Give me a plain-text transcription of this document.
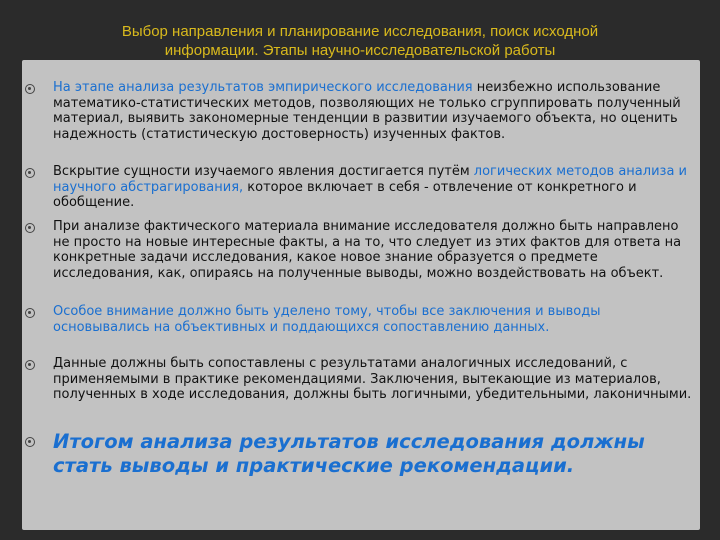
Выбор направления и планирование исследования, поиск исходной
информации. Этапы научно-исследовательской работы
На этапе анализа результатов эмпирического исследования неизбежно использование математико-статистических методов, позволяющих не только сгруппировать полученный материал, выявить закономерные тенденции в развитии изучаемого объекта, но оценить надежность (статистическую достоверность) изученных фактов.
Вскрытие сущности изучаемого явления достигается путём логических методов анализа и научного абстрагирования, которое включает в себя - отвлечение от конкретного и обобщение.
При анализе фактического материала внимание исследователя должно быть направлено не просто на новые интересные факты, а на то, что следует из этих фактов для ответа на конкретные задачи исследования, какое новое знание образуется о предмете исследования, как, опираясь на полученные выводы, можно воздействовать на объект.
Особое внимание должно быть уделено тому, чтобы все заключения и выводы основывались на объективных и поддающихся сопоставлению данных.
Данные должны быть сопоставлены с результатами аналогичных исследований, с применяемыми в практике рекомендациями. Заключения, вытекающие из материалов, полученных в ходе исследования, должны быть логичными, убедительными, лаконичными.
Итогом анализа результатов исследования должны стать выводы и практические рекомендации.
